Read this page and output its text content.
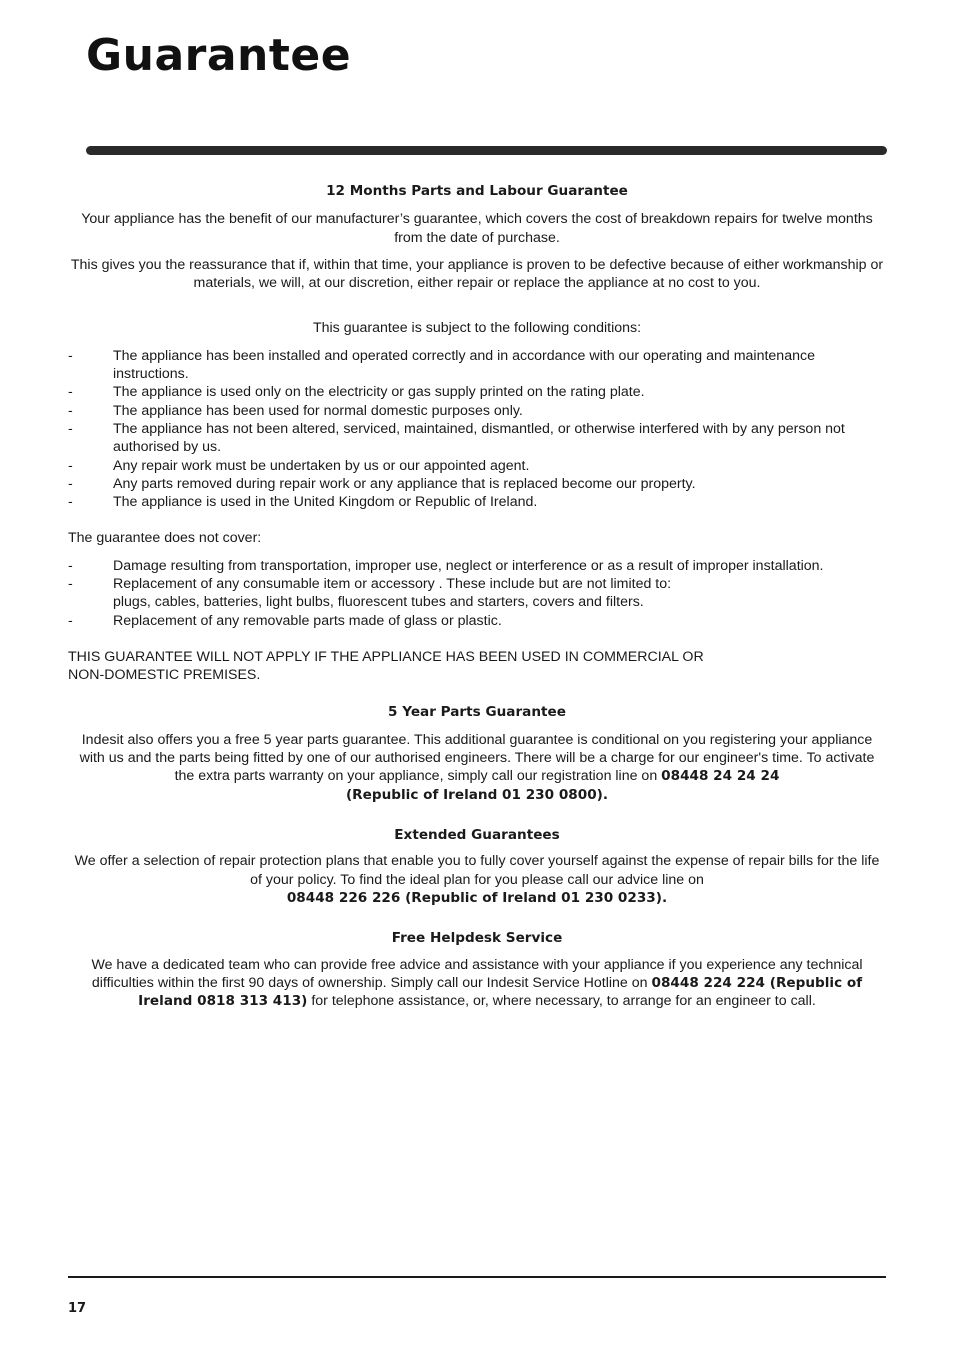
Guarantee
12 Months Parts and Labour Guarantee

Your appliance has the benefit of our manufacturer’s guarantee, which covers the cost of breakdown repairs for twelve months from the date of purchase.

This gives you the reassurance that if, within that time, your appliance is proven to be defective because of either workmanship or materials, we will, at our discretion, either repair or replace the appliance at no cost to you.

This guarantee is subject to the following conditions:

-	The appliance has been installed and operated correctly and in accordance with our operating and maintenance instructions.
-	The appliance is used only on the electricity or gas supply printed on the rating plate.
-	The appliance has been used for normal domestic purposes only.
-	The appliance has not been altered, serviced, maintained, dismantled, or otherwise interfered with by any person not authorised by us.
-	Any repair work must be undertaken by us or our appointed agent.
-	Any parts removed during repair work or any appliance that is replaced become our property.
-	The appliance is used in the United Kingdom or Republic of Ireland.

The guarantee does not cover:

-	Damage resulting from transportation, improper use, neglect or interference or as a result of improper installation.
-	Replacement of any consumable item or accessory . These include but are not limited to:
plugs, cables, batteries, light bulbs, fluorescent tubes and starters, covers and filters.
-	Replacement of any removable parts made of glass or plastic.

THIS GUARANTEE WILL NOT APPLY IF THE APPLIANCE HAS BEEN USED IN COMMERCIAL OR
NON-DOMESTIC PREMISES.

5 Year Parts Guarantee

Indesit also offers you a free 5 year parts guarantee. This additional guarantee is conditional on you registering your appliance with us and the parts being fitted by one of our authorised engineers. There will be a charge for our engineer's time. To activate the extra parts warranty on your appliance, simply call our registration line on 08448 24 24 24
(Republic of Ireland 01 230 0800).

Extended Guarantees

We offer a selection of repair protection plans that enable you to fully cover yourself against the expense of repair bills for the life of your policy. To find the ideal plan for you please call our advice line on
08448 226 226 (Republic of Ireland 01 230 0233).

Free Helpdesk Service

We have a dedicated team who can provide free advice and assistance with your appliance if you experience any technical difficulties within the first 90 days of ownership. Simply call our Indesit Service Hotline on 08448 224 224 (Republic of Ireland 0818 313 413) for telephone assistance, or, where necessary, to arrange for an engineer to call.

17
